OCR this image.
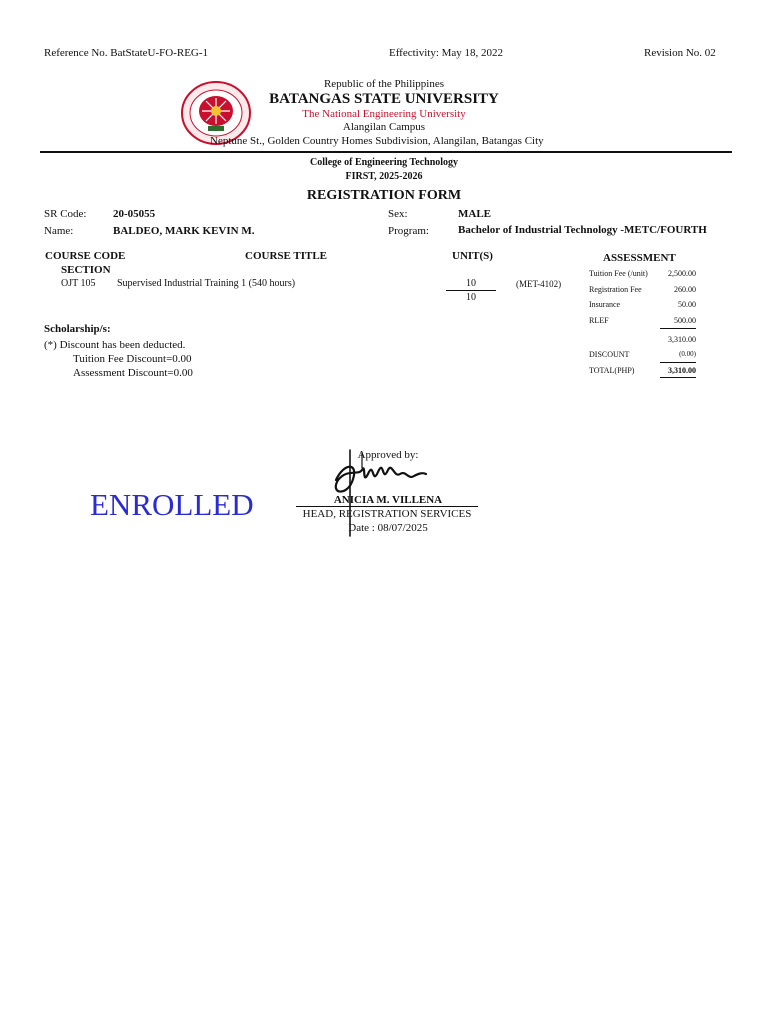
Reference No. BatStateU-FO-REG-1	Effectivity: May 18, 2022	Revision No. 02
Republic of the Philippines
BATANGAS STATE UNIVERSITY
The National Engineering University
Alangilan Campus
Neptune St., Golden Country Homes Subdivision, Alangilan, Batangas City
College of Engineering Technology
FIRST, 2025-2026
REGISTRATION FORM
SR Code: 20-05055
Name:	BALDEO, MARK KEVIN M.
Sex:	MALE
Program:	Bachelor of Industrial Technology -METC/FOURTH
COURSE CODE
SECTION
COURSE TITLE	UNIT(S)
OJT 105 Supervised Industrial Training 1 (540 hours)	10	(MET-4102)
10
ASSESSMENT
Tuition Fee (/unit)	2,500.00
Registration Fee	260.00
Insurance	50.00
RLEF	500.00
3,310.00
DISCOUNT	(0.00)
TOTAL(PHP)	3,310.00
Scholarship/s:
(*) Discount has been deducted.
Tuition Fee Discount=0.00
Assessment Discount=0.00
ENROLLED
Approved by:
ANICIA M. VILLENA
HEAD, REGISTRATION SERVICES
Date : 08/07/2025
